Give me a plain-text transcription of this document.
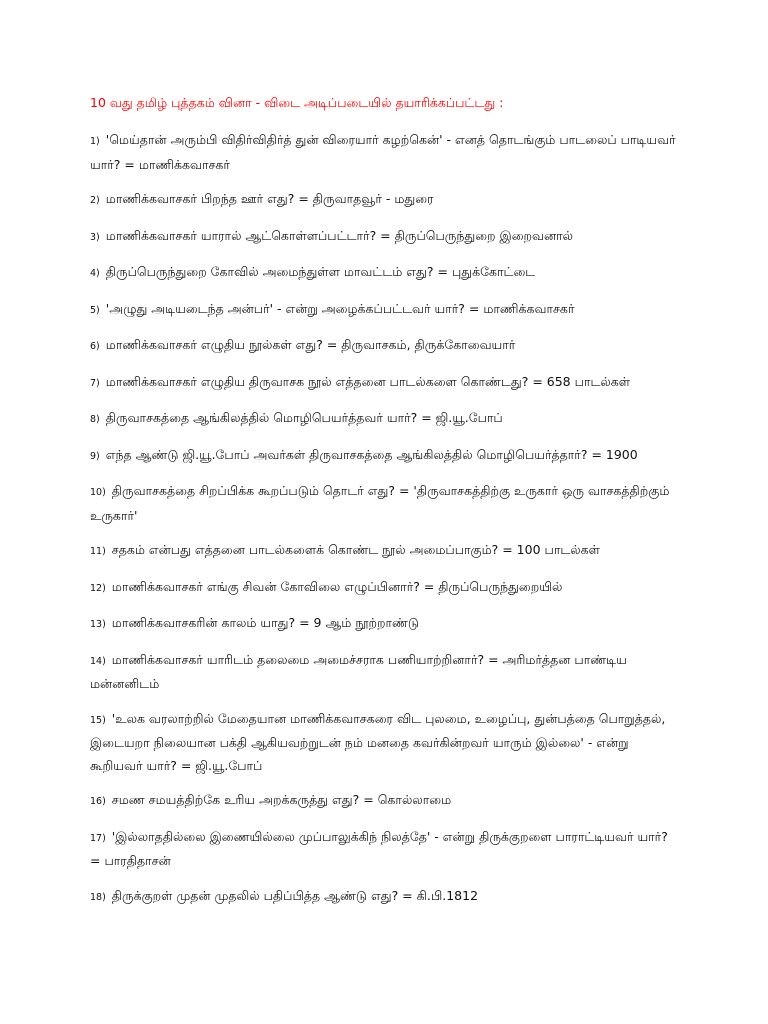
10 வது தமிழ் புத்தகம் வினா - விடை அடிப்படையில் தயாரிக்கப்பட்டது :
1) 'மெய்தான் அரும்பி விதிர்விதிர்த் துன் விரையார் கழற்கென்' - எனத் தொடங்கும் பாடலைப் பாடியவர் யார்? = மாணிக்கவாசகர்
2) மாணிக்கவாசகர் பிறந்த ஊர் எது? = திருவாதவூர் - மதுரை
3) மாணிக்கவாசகர் யாரால் ஆட்கொள்ளப்பட்டார்? = திருப்பெருந்துறை இறைவனால்
4) திருப்பெருந்துறை கோவில் அமைந்துள்ள மாவட்டம் எது? = புதுக்கோட்டை
5) 'அழுது அடியடைந்த அன்பர்' - என்று அழைக்கப்பட்டவர் யார்? = மாணிக்கவாசகர்
6) மாணிக்கவாசகர் எழுதிய நூல்கள் எது? = திருவாசகம், திருக்கோவையார்
7) மாணிக்கவாசகர் எழுதிய திருவாசக நூல் எத்தனை பாடல்களை கொண்டது? = 658 பாடல்கள்
8) திருவாசகத்தை ஆங்கிலத்தில் மொழிபெயர்த்தவர் யார்? = ஜி.யூ.போப்
9) எந்த ஆண்டு ஜி.யூ.போப் அவர்கள் திருவாசகத்தை ஆங்கிலத்தில் மொழிபெயர்த்தார்? = 1900
10) திருவாசகத்தை சிறப்பிக்க கூறப்படும் தொடர் எது? = 'திருவாசகத்திற்கு உருகார் ஒரு வாசகத்திற்கும் உருகார்'
11) சதகம் என்பது எத்தனை பாடல்களைக் கொண்ட நூல் அமைப்பாகும்? = 100 பாடல்கள்
12) மாணிக்கவாசகர் எங்கு சிவன் கோவிலை எழுப்பினார்? = திருப்பெருந்துறையில்
13) மாணிக்கவாசகரின் காலம் யாது? = 9 ஆம் நூற்றாண்டு
14) மாணிக்கவாசகர் யாரிடம் தலைமை அமைச்சராக பணியாற்றினார்? = அரிமர்த்தன பாண்டிய மன்னனிடம்
15) 'உலக வரலாற்றில் மேதையான மாணிக்கவாசகரை விட புலமை, உழைப்பு, துன்பத்தை பொறுத்தல், இடையறா நிலையான பக்தி ஆகியவற்றுடன் நம் மனதை கவர்கின்றவர் யாரும் இல்லை' - என்று கூறியவர் யார்? = ஜி.யூ.போப்
16) சமண சமயத்திற்கே உரிய அறக்கருத்து எது? = கொல்லாமை
17) 'இல்லாததில்லை இணையில்லை முப்பாலுக்கிந் நிலத்தே' - என்று திருக்குறளை பாராட்டியவர் யார்? = பாரதிதாசன்
18) திருக்குறள் முதன் முதலில் பதிப்பித்த ஆண்டு எது? = கி.பி.1812
